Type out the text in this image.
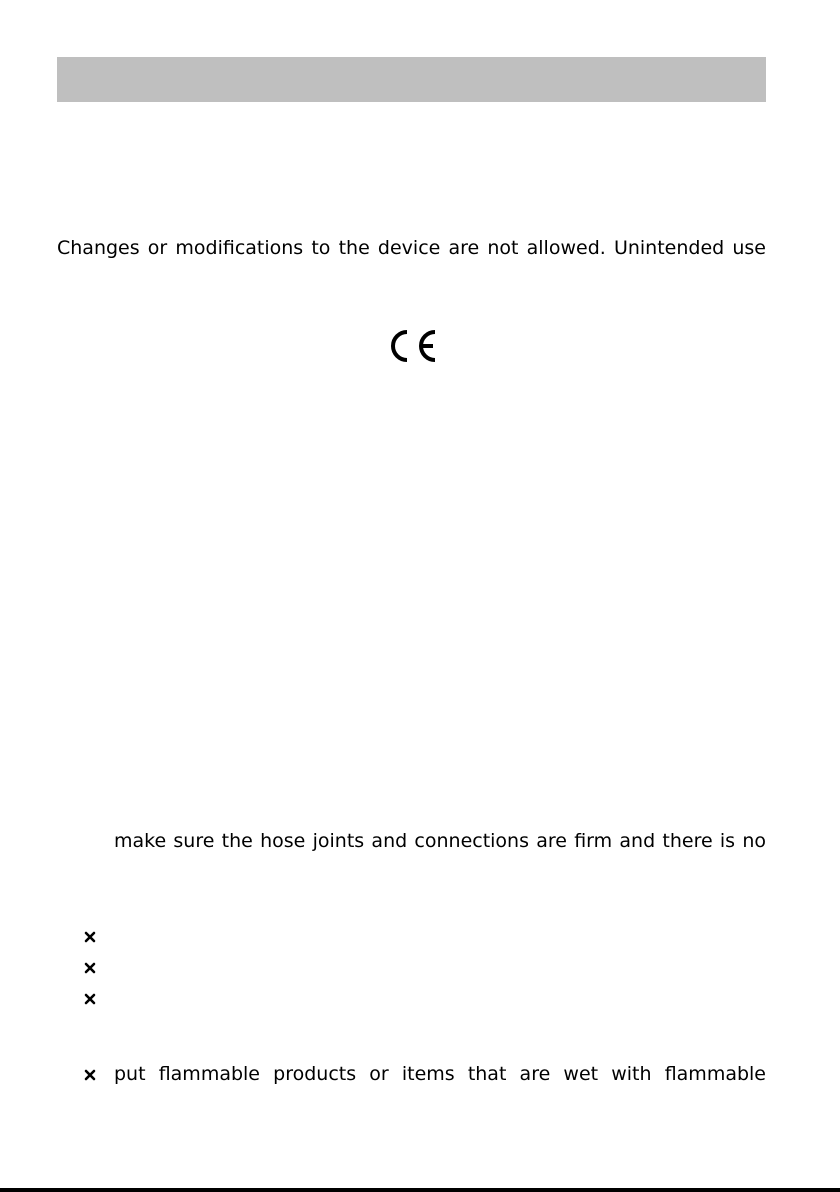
Changes or modifications to the device are not allowed. Unintended use
make sure the hose joints and connections are firm and there is no
put flammable products or items that are wet with flammable
